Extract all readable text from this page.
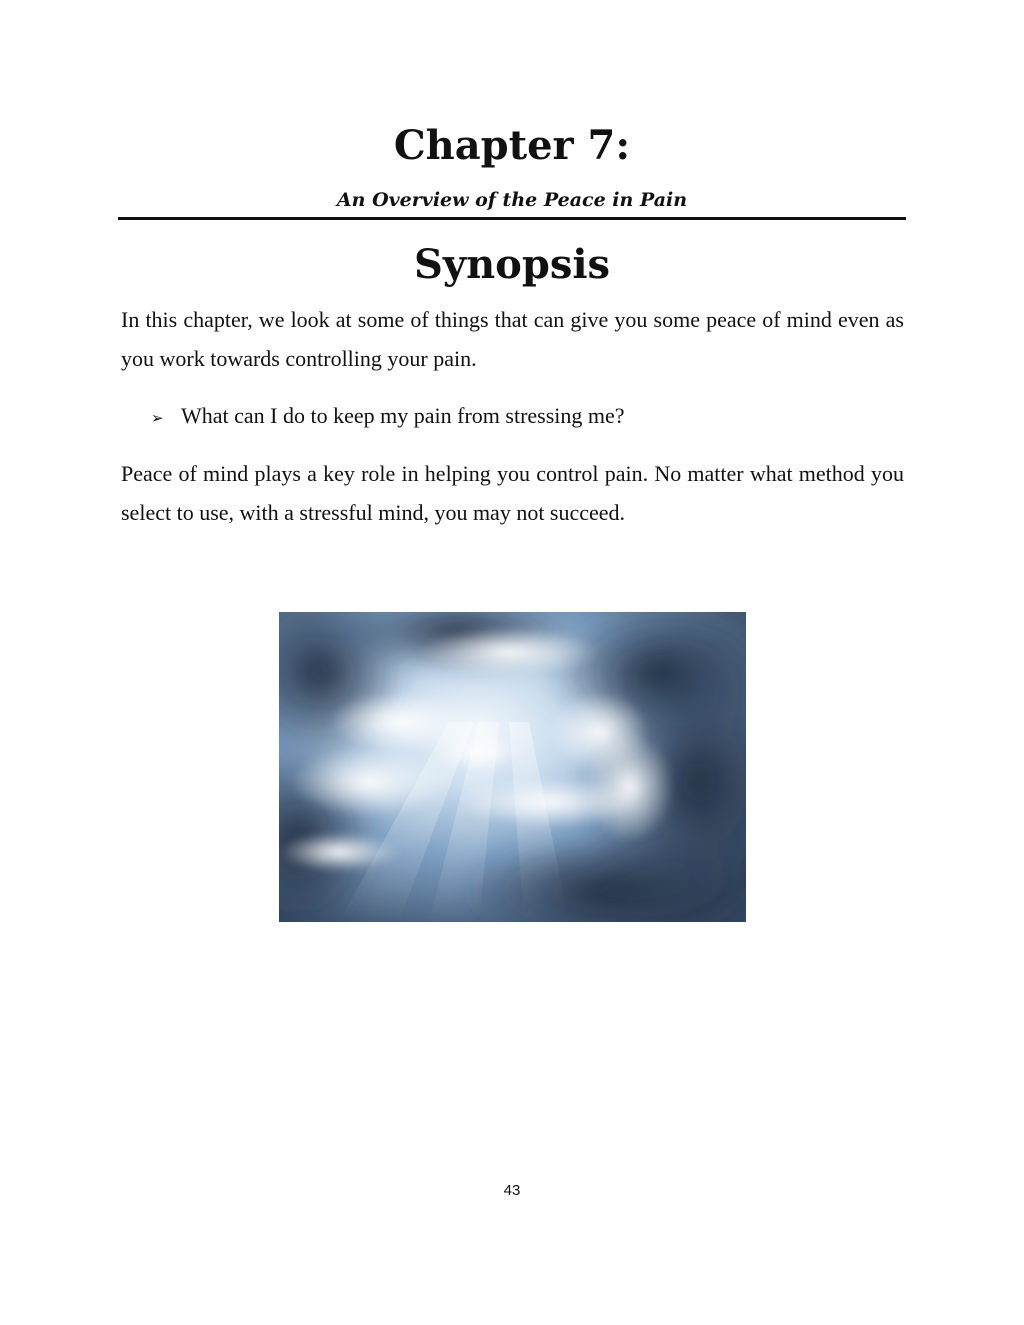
Chapter 7:
An Overview of the Peace in Pain
Synopsis

In this chapter, we look at some of things that can give you some peace of mind even as you work towards controlling your pain.

➢ What can I do to keep my pain from stressing me?

Peace of mind plays a key role in helping you control pain. No matter what method you select to use, with a stressful mind, you may not succeed.

43
